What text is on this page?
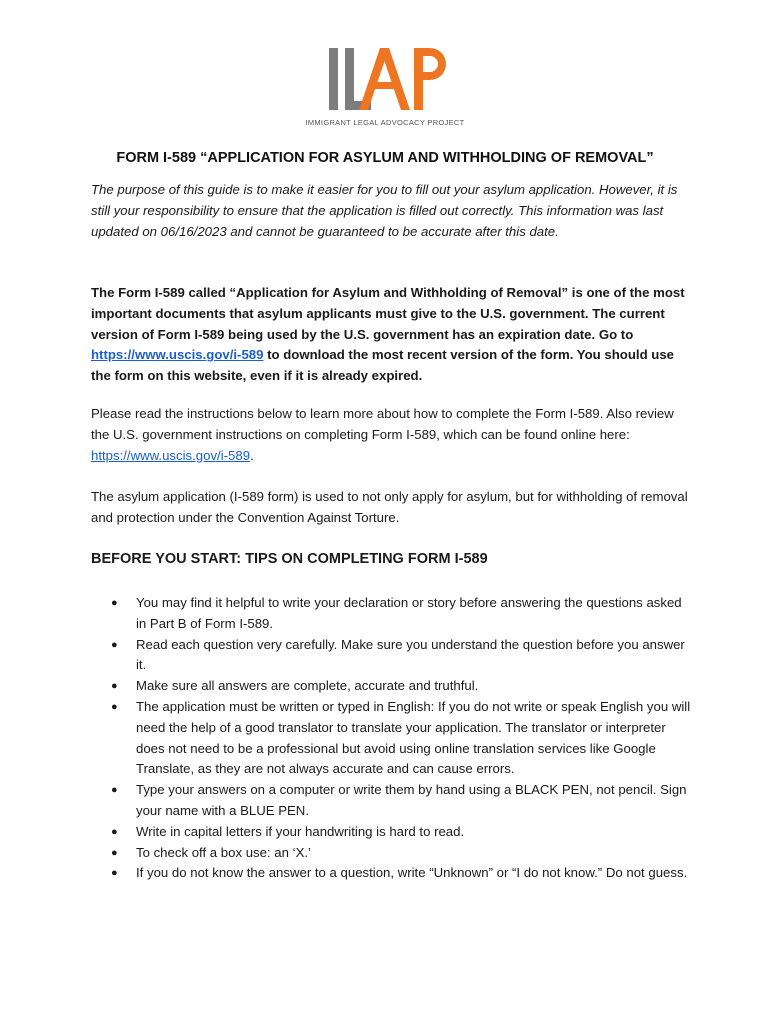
IMMIGRANT LEGAL ADVOCACY PROJECT
FORM I-589 “APPLICATION FOR ASYLUM AND WITHHOLDING OF REMOVAL”

The purpose of this guide is to make it easier for you to fill out your asylum application. However, it is still your responsibility to ensure that the application is filled out correctly. This information was last updated on 06/16/2023 and cannot be guaranteed to be accurate after this date.

The Form I-589 called “Application for Asylum and Withholding of Removal” is one of the most important documents that asylum applicants must give to the U.S. government. The current version of Form I-589 being used by the U.S. government has an expiration date. Go to https://www.uscis.gov/i-589 to download the most recent version of the form. You should use the form on this website, even if it is already expired.

Please read the instructions below to learn more about how to complete the Form I-589. Also review the U.S. government instructions on completing Form I-589, which can be found online here: https://www.uscis.gov/i-589.

The asylum application (I-589 form) is used to not only apply for asylum, but for withholding of removal and protection under the Convention Against Torture.

BEFORE YOU START: TIPS ON COMPLETING FORM I-589
● You may find it helpful to write your declaration or story before answering the questions asked in Part B of Form I-589.
● Read each question very carefully. Make sure you understand the question before you answer it.
● Make sure all answers are complete, accurate and truthful.
● The application must be written or typed in English: If you do not write or speak English you will need the help of a good translator to translate your application. The translator or interpreter does not need to be a professional but avoid using online translation services like Google Translate, as they are not always accurate and can cause errors.
● Type your answers on a computer or write them by hand using a BLACK PEN, not pencil. Sign your name with a BLUE PEN.
● Write in capital letters if your handwriting is hard to read.
● To check off a box use: an ‘X.’
● If you do not know the answer to a question, write “Unknown” or “I do not know.” Do not guess.
